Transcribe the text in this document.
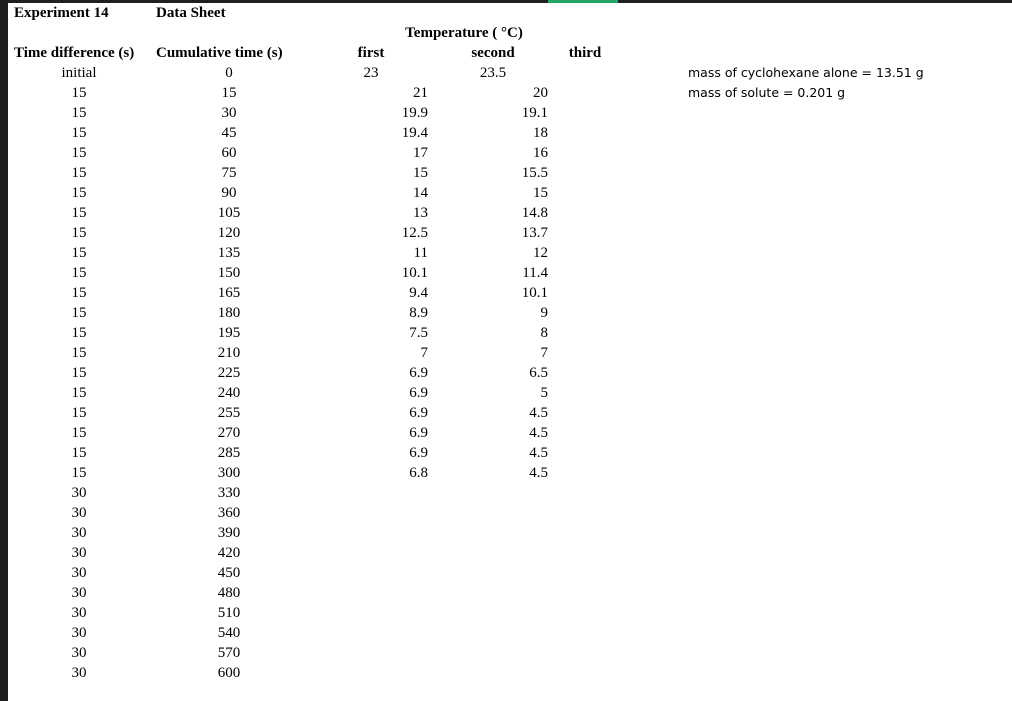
Experiment 14	Data Sheet
Temperature ( °C)
Time difference (s) Cumulative time (s)	first	second	third
initial	0	23	23.5
15	15	21	20
15	30	19.9	19.1
15	45	19.4	18
15	60	17	16
15	75	15	15.5
15	90	14	15
15	105	13	14.8
15	120	12.5	13.7
15	135	11	12
15	150	10.1	11.4
15	165	9.4	10.1
15	180	8.9	9
15	195	7.5	8
15	210	7	7
15	225	6.9	6.5
15	240	6.9	5
15	255	6.9	4.5
15	270	6.9	4.5
15	285	6.9	4.5
15	300	6.8	4.5
30	330
30	360
30	390
30	420
30	450
30	480
30	510
30	540
30	570
30	600
mass of cyclohexane alone = 13.51 g
mass of solute = 0.201 g
